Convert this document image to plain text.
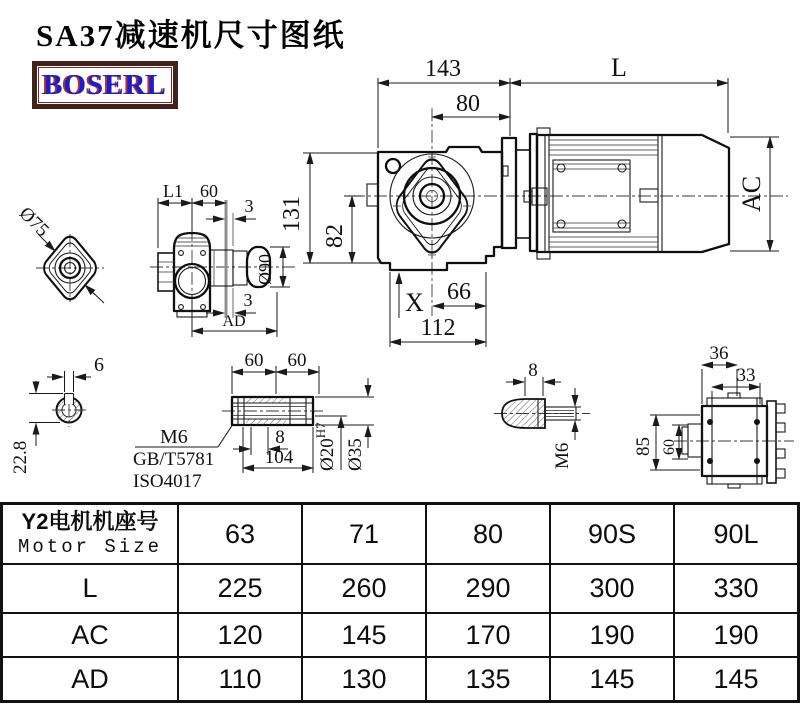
SA37减速机尺寸图纸
BOSERL	143	L
80
131
82
AC
X 66
112
Ø75
L1 60
3
Ø90
3
AD
6
22.8
60 60
8
104 $Ø20^{H7}$
Ø35
M6
GB/T5781
ISO4017
8
M6
36
33
85 60
Y2电机机座号
Motor Size	63	71	80	90S	90L
L	225	260	290	300	330
AC	120	145	170	190	190
AD	110	130	135	145	145
